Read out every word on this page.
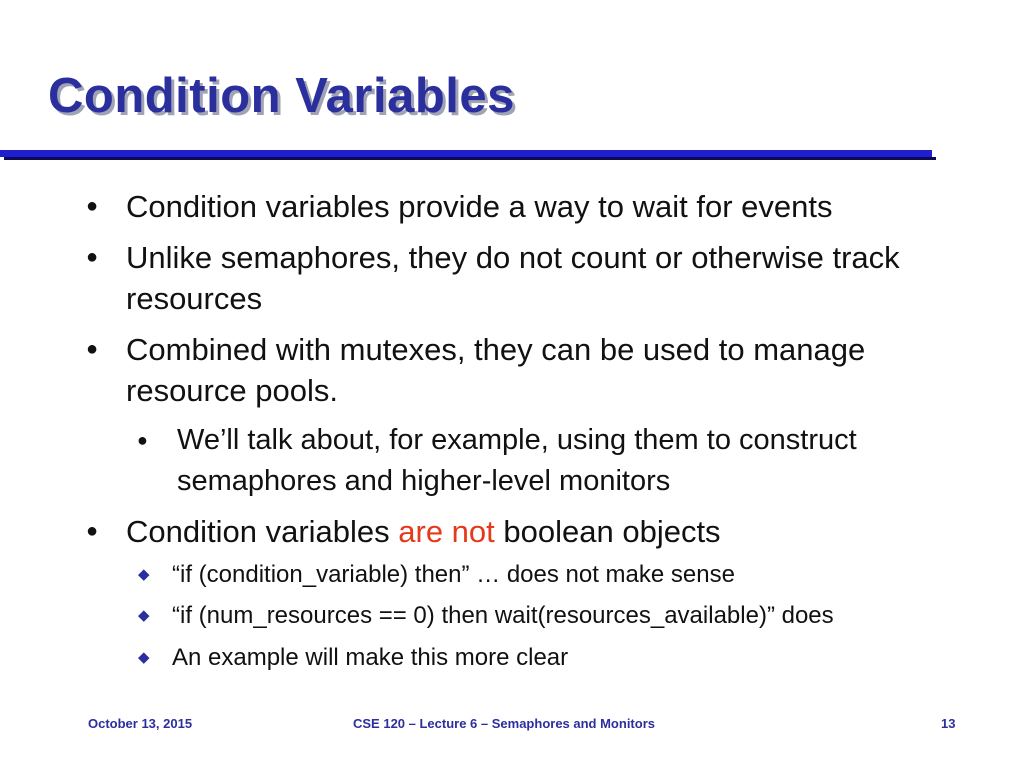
Condition Variables
● Condition variables provide a way to wait for events
● Unlike semaphores, they do not count or otherwise track resources
● Combined with mutexes, they can be used to manage resource pools.
● We’ll talk about, for example, using them to construct semaphores and higher-level monitors
● Condition variables are not boolean objects
◆ “if (condition_variable) then” … does not make sense
◆ “if (num_resources == 0) then wait(resources_available)” does
◆ An example will make this more clear
October 13, 2015	CSE 120 – Lecture 6 – Semaphores and Monitors	13
